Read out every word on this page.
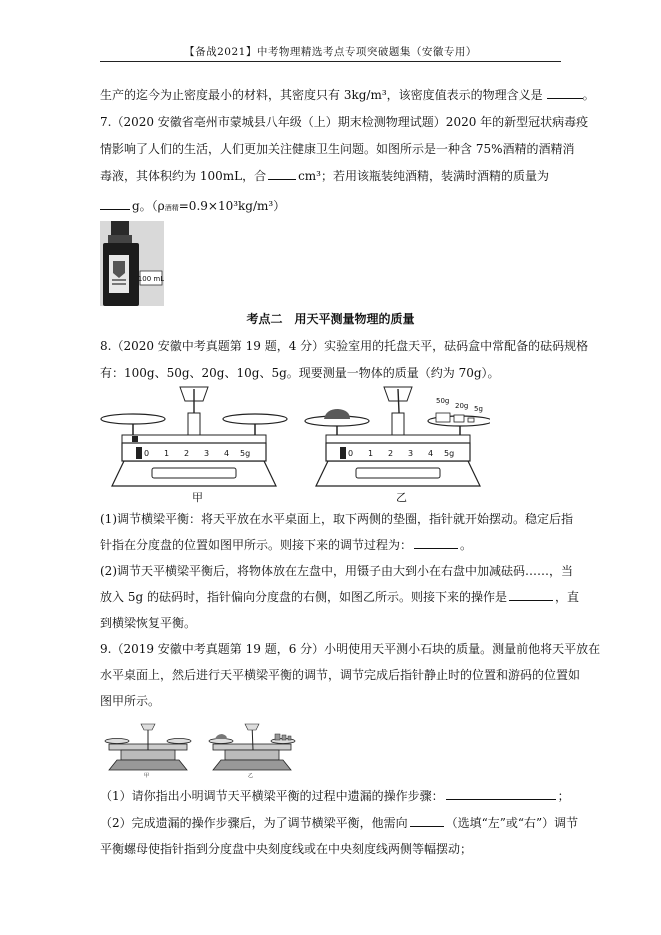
【备战2021】中考物理精选考点专项突破题集（安徽专用）
生产的迄今为止密度最小的材料，其密度只有 3kg/m³，该密度值表示的物理含义是	。
7.（2020 安徽省亳州市蒙城县八年级（上）期末检测物理试题）2020 年的新型冠状病毒疫
情影响了人们的生活，人们更加关注健康卫生问题。如图所示是一种含 75%酒精的酒精消
毒液，其体积约为 100mL，合	cm³；若用该瓶装纯酒精，装满时酒精的质量为
g。（ρ酒精=0.9×10³kg/m³）
100 mL
考点二　用天平测量物理的质量
8.（2020 安徽中考真题第 19 题，4 分）实验室用的托盘天平，砝码盒中常配备的砝码规格
有：100g、50g、20g、10g、5g。现要测量一物体的质量（约为 70g）。
0 1 2 3 4 5g
甲
50g
20g 5g
0 1 2 3 4 5g
乙
(1)调节横梁平衡：将天平放在水平桌面上，取下两侧的垫圈，指针就开始摆动。稳定后指
针指在分度盘的位置如图甲所示。则接下来的调节过程为：	。
(2)调节天平横梁平衡后，将物体放在左盘中，用镊子由大到小在右盘中加减砝码……，当
放入 5g 的砝码时，指针偏向分度盘的右侧，如图乙所示。则接下来的操作是	，直
到横梁恢复平衡。
9.（2019 安徽中考真题第 19 题，6 分）小明使用天平测小石块的质量。测量前他将天平放在
水平桌面上，然后进行天平横梁平衡的调节，调节完成后指针静止时的位置和游码的位置如
图甲所示。
甲	乙
（1）请你指出小明调节天平横梁平衡的过程中遗漏的操作步骤：	；
（2）完成遗漏的操作步骤后，为了调节横梁平衡，他需向	（选填“左”或“右”）调节
平衡螺母使指针指到分度盘中央刻度线或在中央刻度线两侧等幅摆动；
